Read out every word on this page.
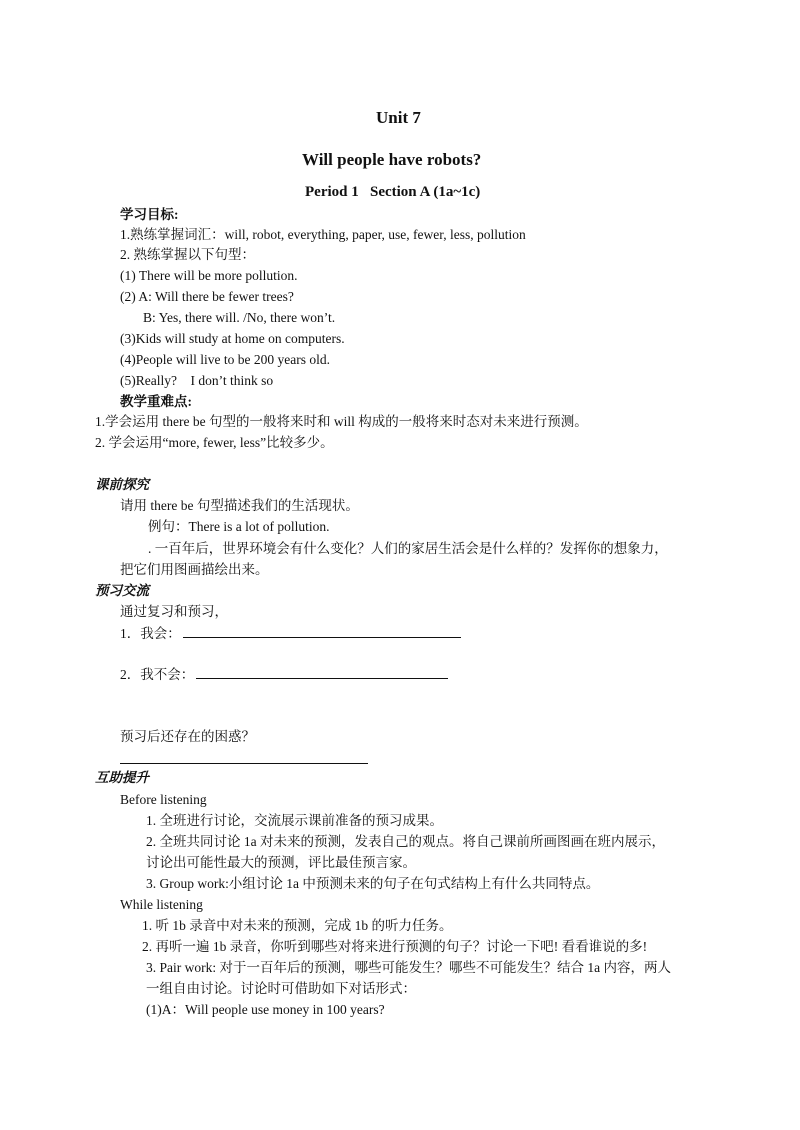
Unit 7
Will people have robots?
Period 1   Section A (1a~1c)
学习目标:
1.熟练掌握词汇：will, robot, everything, paper, use, fewer, less, pollution
2. 熟练掌握以下句型：
(1) There will be more pollution.
(2) A: Will there be fewer trees?
B: Yes, there will. /No, there won’t.
(3)Kids will study at home on computers.
(4)People will live to be 200 years old.
(5)Really?    I don’t think so
教学重难点:
1.学会运用 there be 句型的一般将来时和 will 构成的一般将来时态对未来进行预测。
2. 学会运用“more, fewer, less”比较多少。
课前探究
请用 there be 句型描述我们的生活现状。
例句：There is a lot of pollution.
. 一百年后，世界环境会有什么变化？人们的家居生活会是什么样的？发挥你的想象力，
把它们用图画描绘出来。
预习交流
通过复习和预习，
1．我会：
2．我不会：
预习后还存在的困惑？
互助提升
Before listening
1. 全班进行讨论，交流展示课前准备的预习成果。
2. 全班共同讨论 1a 对未来的预测，发表自己的观点。将自己课前所画图画在班内展示，
讨论出可能性最大的预测，评比最佳预言家。
3. Group work:小组讨论 1a 中预测未来的句子在句式结构上有什么共同特点。
While listening
1. 听 1b 录音中对未来的预测，完成 1b 的听力任务。
2. 再听一遍 1b 录音，你听到哪些对将来进行预测的句子？讨论一下吧! 看看谁说的多!
3. Pair work: 对于一百年后的预测，哪些可能发生？哪些不可能发生？结合 1a 内容，两人
一组自由讨论。讨论时可借助如下对话形式：
(1)A：Will people use money in 100 years?
